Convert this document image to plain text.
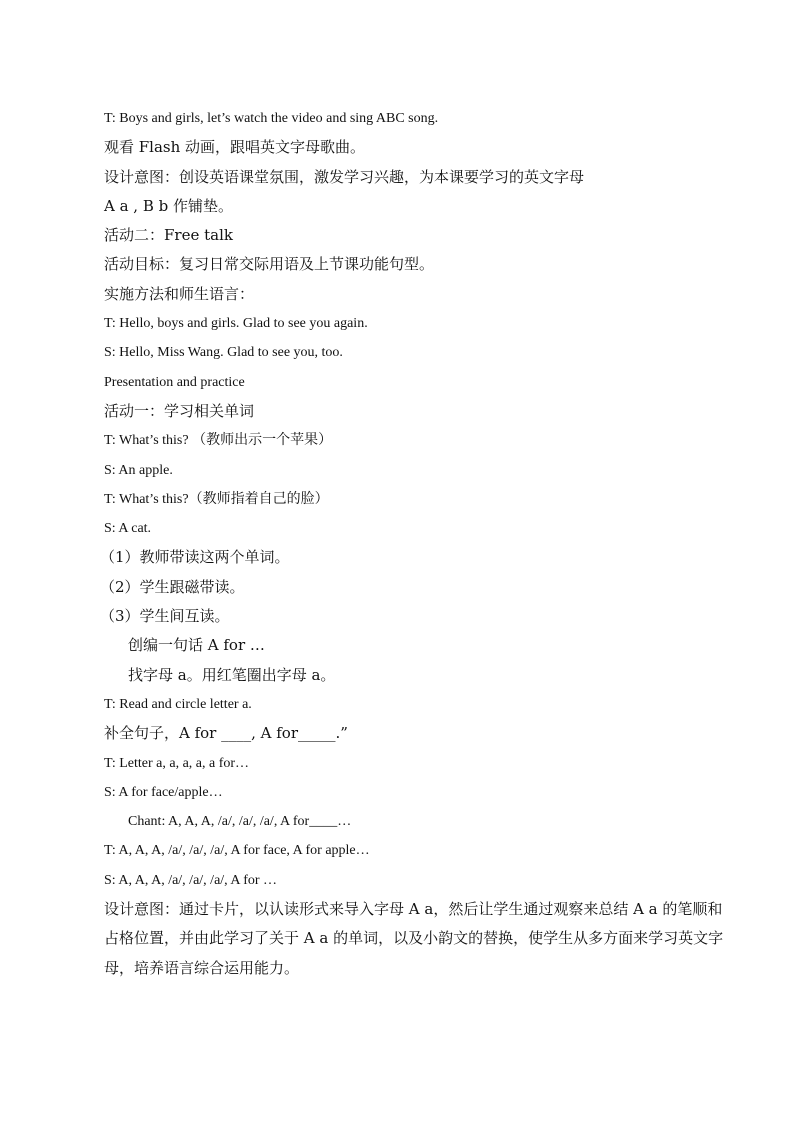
T: Boys and girls, let’s watch the video and sing ABC song.
观看 Flash 动画，跟唱英文字母歌曲。
设计意图：创设英语课堂氛围，激发学习兴趣，为本课要学习的英文字母
A a , B b 作铺垫。
活动二：Free talk
活动目标：复习日常交际用语及上节课功能句型。
实施方法和师生语言：
T: Hello, boys and girls. Glad to see you again.
S: Hello, Miss Wang. Glad to see you, too.
Presentation and practice
活动一：学习相关单词
T: What’s this? （教师出示一个苹果）
S: An apple.
T: What’s this?（教师指着自己的脸）
S: A cat.
（1）教师带读这两个单词。
（2）学生跟磁带读。
（3）学生间互读。
创编一句话 A for …
找字母 a。用红笔圈出字母 a。
T: Read and circle letter a.
补全句子，A for ____, A for_____.”
T: Letter a, a, a, a, a for…
S: A for face/apple…
Chant: A, A, A, /a/, /a/, /a/, A for____…
T: A, A, A, /a/, /a/, /a/, A for face, A for apple…
S: A, A, A, /a/, /a/, /a/, A for …
设计意图：通过卡片，以认读形式来导入字母 A a，然后让学生通过观察来总结 A a 的笔顺和占格位置，并由此学习了关于 A a 的单词，以及小韵文的替换，使学生从多方面来学习英文字母，培养语言综合运用能力。
